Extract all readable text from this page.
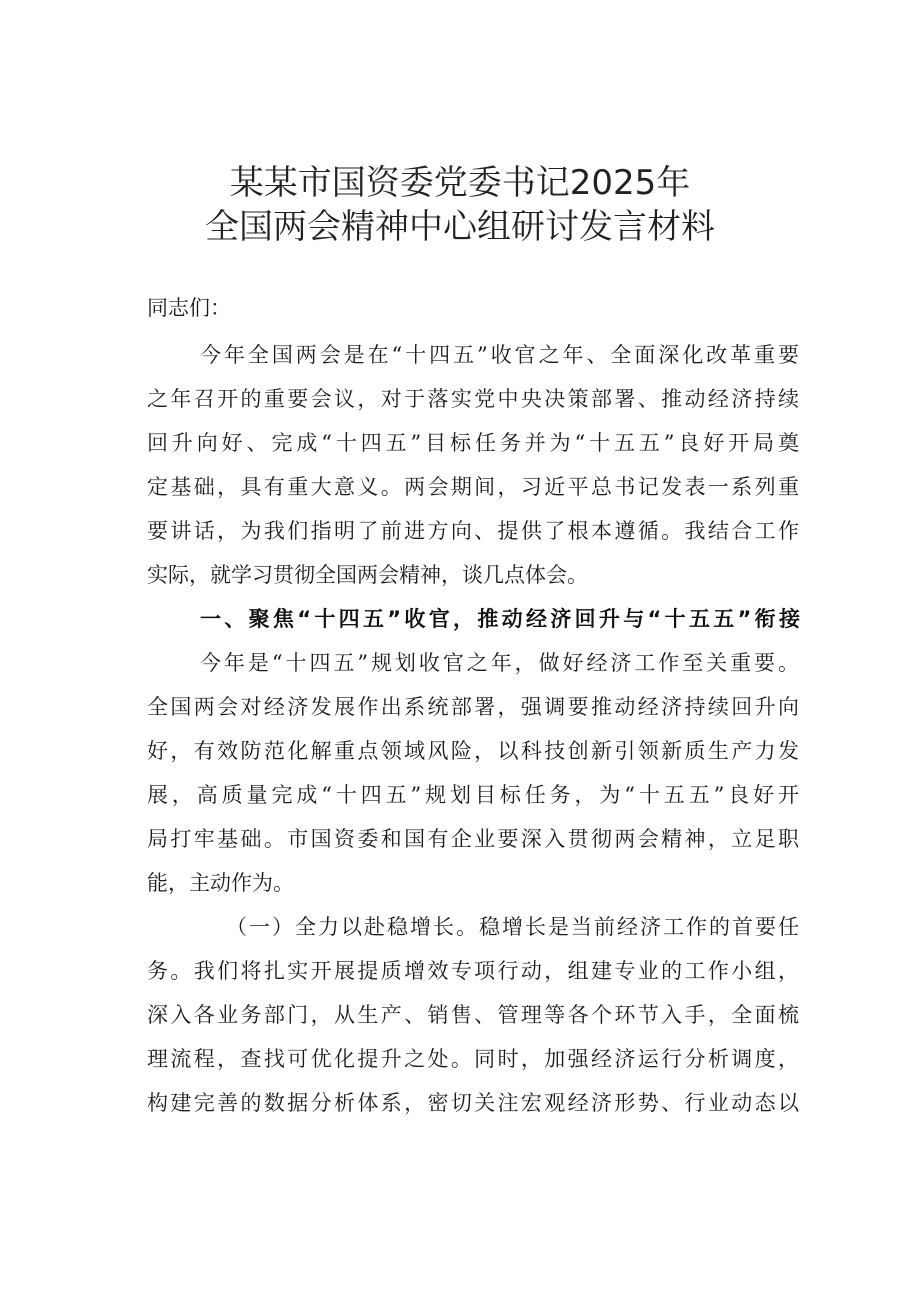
某某市国资委党委书记2025年
全国两会精神中心组研讨发言材料
同志们：
今年全国两会是在“十四五”收官之年、全面深化改革重要
之年召开的重要会议，对于落实党中央决策部署、推动经济持续
回升向好、完成“十四五”目标任务并为“十五五”良好开局奠
定基础，具有重大意义。两会期间，习近平总书记发表一系列重
要讲话，为我们指明了前进方向、提供了根本遵循。我结合工作
实际，就学习贯彻全国两会精神，谈几点体会。
一、聚焦“十四五”收官，推动经济回升与“十五五”衔接
今年是“十四五”规划收官之年，做好经济工作至关重要。
全国两会对经济发展作出系统部署，强调要推动经济持续回升向
好，有效防范化解重点领域风险，以科技创新引领新质生产力发
展，高质量完成“十四五”规划目标任务，为“十五五”良好开
局打牢基础。市国资委和国有企业要深入贯彻两会精神，立足职
能，主动作为。
（一）全力以赴稳增长。稳增长是当前经济工作的首要任
务。我们将扎实开展提质增效专项行动，组建专业的工作小组，
深入各业务部门，从生产、销售、管理等各个环节入手，全面梳
理流程，查找可优化提升之处。同时，加强经济运行分析调度，
构建完善的数据分析体系，密切关注宏观经济形势、行业动态以
